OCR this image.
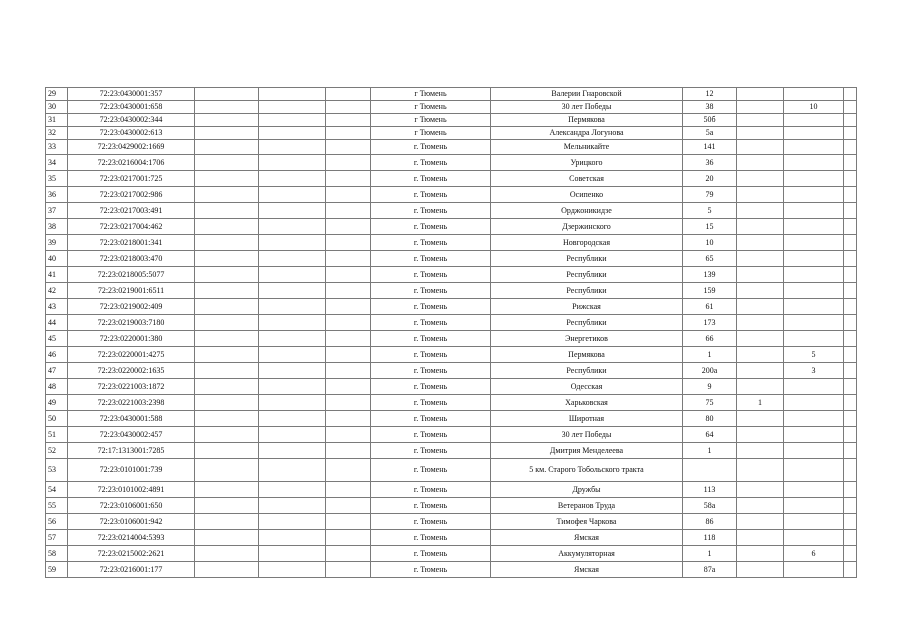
29	72:23:0430001:357				г Тюмень	Валерии Гнаровской	12			
30	72:23:0430001:658				г Тюмень	30 лет Победы	38		10	
31	72:23:0430002:344				г Тюмень	Пермякова	50б			
32	72:23:0430002:613				г Тюмень	Александра Логунова	5а			
33	72:23:0429002:1669				г. Тюмень	Мельникайте	141			
34	72:23:0216004:1706				г. Тюмень	Урицкого	36			
35	72:23:0217001:725				г. Тюмень	Советская	20			
36	72:23:0217002:986				г. Тюмень	Осипенко	79			
37	72:23:0217003:491				г. Тюмень	Орджоникидзе	5			
38	72:23:0217004:462				г. Тюмень	Дзержинского	15			
39	72:23:0218001:341				г. Тюмень	Новгородская	10			
40	72:23:0218003:470				г. Тюмень	Республики	65			
41	72:23:0218005:5077				г. Тюмень	Республики	139			
42	72:23:0219001:6511				г. Тюмень	Республики	159			
43	72:23:0219002:409				г. Тюмень	Рижская	61			
44	72:23:0219003:7180				г. Тюмень	Республики	173			
45	72:23:0220001:380				г. Тюмень	Энергетиков	66			
46	72:23:0220001:4275				г. Тюмень	Пермякова	1		5	
47	72:23:0220002:1635				г. Тюмень	Республики	200а		3	
48	72:23:0221003:1872				г. Тюмень	Одесская	9			
49	72:23:0221003:2398				г. Тюмень	Харьковская	75	1		
50	72:23:0430001:588				г. Тюмень	Широтная	80			
51	72:23:0430002:457				г. Тюмень	30 лет Победы	64			
52	72:17:1313001:7285				г. Тюмень	Дмитрия Менделеева	1			
53	72:23:0101001:739				г. Тюмень	5 км. Старого Тобольского тракта				
54	72:23:0101002:4891				г. Тюмень	Дружбы	113			
55	72:23:0106001:650				г. Тюмень	Ветеранов Труда	58а			
56	72:23:0106001:942				г. Тюмень	Тимофея Чаркова	86			
57	72:23:0214004:5393				г. Тюмень	Ямская	118			
58	72:23:0215002:2621				г. Тюмень	Аккумуляторная	1		6	
59	72:23:0216001:177				г. Тюмень	Ямская	87а			
